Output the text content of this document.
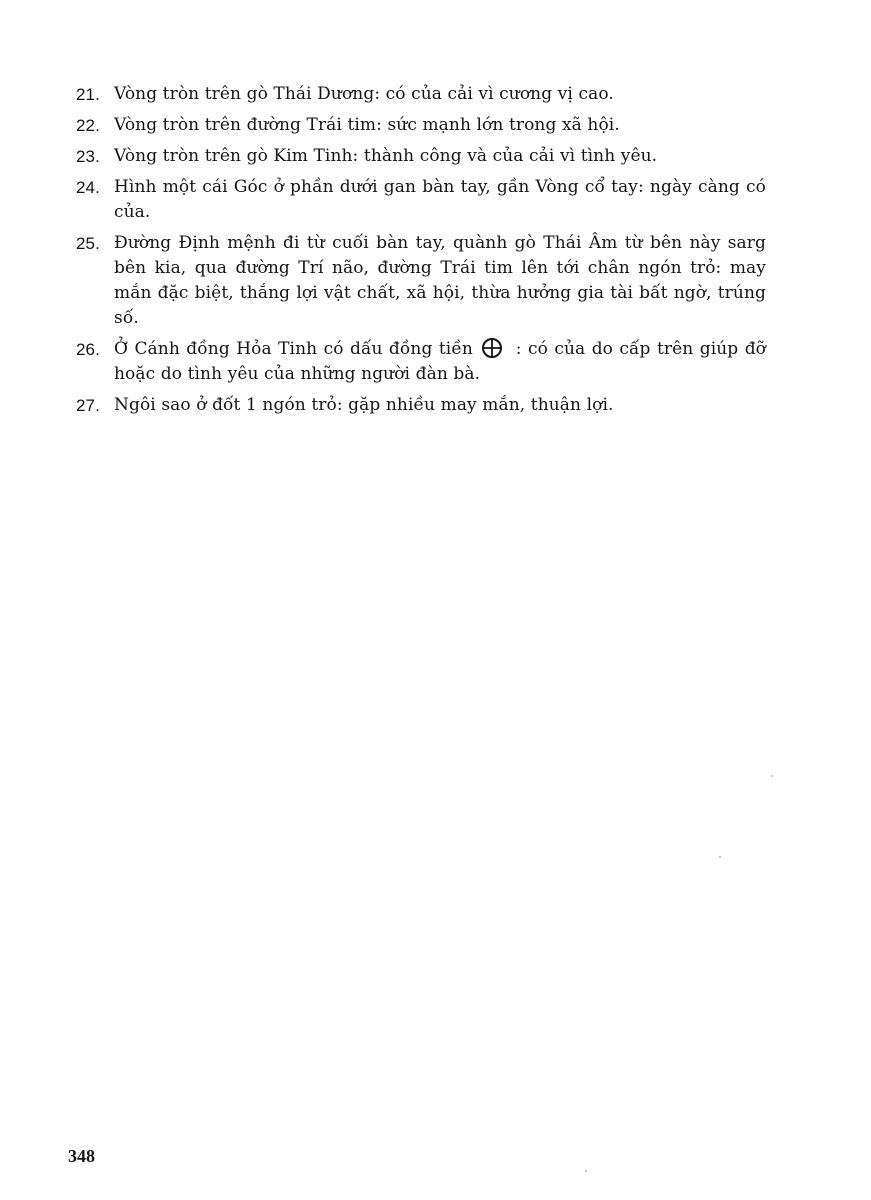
21. Vòng tròn trên gò Thái Dương: có của cải vì cương vị cao.
22. Vòng tròn trên đường Trái tim: sức mạnh lớn trong xã hội.
23. Vòng tròn trên gò Kim Tinh: thành công và của cải vì tình yêu.
24. Hình một cái Góc ở phần dưới gan bàn tay, gần Vòng cổ tay: ngày càng có của.
25. Đường Định mệnh đi từ cuối bàn tay, quành gò Thái Âm từ bên này sarg bên kia, qua đường Trí não, đường Trái tim lên tới chân ngón trỏ: may mắn đặc biệt, thắng lợi vật chất, xã hội, thừa hưởng gia tài bất ngờ, trúng số.
26. Ở Cánh đồng Hỏa Tinh có dấu đồng tiền	: có của do cấp trên giúp đỡ hoặc do tình yêu của những người đàn bà.
27. Ngôi sao ở đốt 1 ngón trỏ: gặp nhiều may mắn, thuận lợi.
348
